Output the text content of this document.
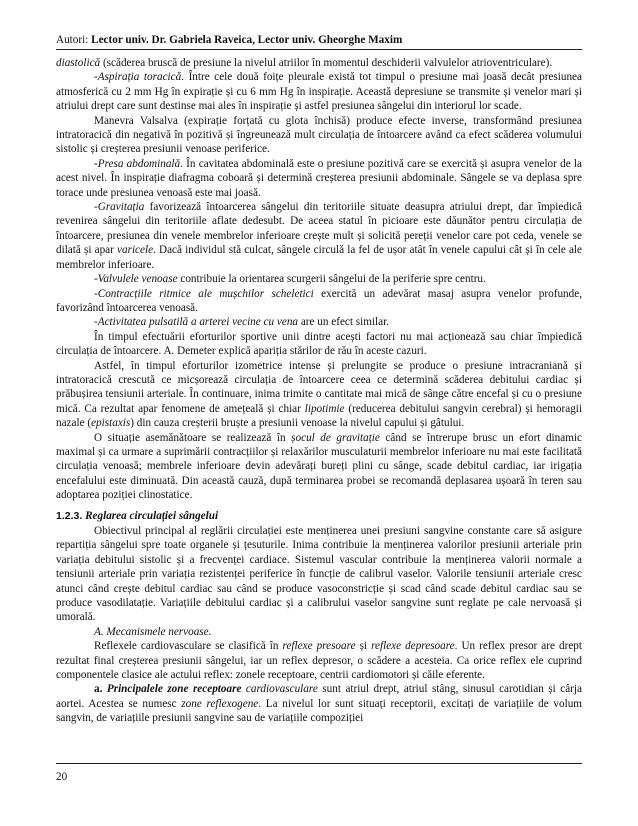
Autori: Lector univ. Dr. Gabriela Raveica, Lector univ. Gheorghe Maxim

diastolică (scăderea bruscă de presiune la nivelul atriilor în momentul deschiderii valvulelor atrioventriculare).

-Aspirația toracică. Între cele două foițe pleurale există tot timpul o presiune mai joasă decât presiunea atmosferică cu 2 mm Hg în expirație și cu 6 mm Hg în inspirație. Această depresiune se transmite și venelor mari și atriului drept care sunt destinse mai ales în inspirație și astfel presiunea sângelui din interiorul lor scade.

Manevra Valsalva (expirație forțată cu glota închisă) produce efecte inverse, transformând presiunea intratoracică din negativă în pozitivă și îngreunează mult circulația de întoarcere având ca efect scăderea volumului sistolic și creșterea presiunii venoase periferice.

-Presa abdominală. În cavitatea abdominală este o presiune pozitivă care se exercită și asupra venelor de la acest nivel. În inspirație diafragma coboară și determină creșterea presiunii abdominale. Sângele se va deplasa spre torace unde presiunea venoasă este mai joasă.

-Gravitația favorizează întoarcerea sângelui din teritoriile situate deasupra atriului drept, dar împiedică revenirea sângelui din teritoriile aflate dedesubt. De aceea statul în picioare este dăunător pentru circulația de întoarcere, presiunea din venele membrelor inferioare crește mult și solicită pereții venelor care pot ceda, venele se dilată și apar varicele. Dacă individul stă culcat, sângele circulă la fel de ușor atât în venele capului cât și în cele ale membrelor inferioare.

-Valvulele venoase contribuie la orientarea scurgerii sângelui de la periferie spre centru.

-Contracțiile ritmice ale mușchilor scheletici exercită un adevărat masaj asupra venelor profunde, favorizând întoarcerea venoasă.

-Activitatea pulsatilă a arterei vecine cu vena are un efect similar.

În timpul efectuării eforturilor sportive unii dintre acești factori nu mai acționează sau chiar împiedică circulația de întoarcere. A. Demeter explică apariția stărilor de rău în aceste cazuri.

Astfel, în timpul eforturilor izometrice intense și prelungite se produce o presiune intracraniană și intratoracică crescută ce micșorează circulația de întoarcere ceea ce determină scăderea debitului cardiac și prăbușirea tensiunii arteriale. În continuare, inima trimite o cantitate mai mică de sânge către encefal și cu o presiune mică. Ca rezultat apar fenomene de amețeală și chiar lipotimie (reducerea debitului sangvin cerebral) și hemoragii nazale (epistaxis) din cauza creșterii bruște a presiunii venoase la nivelul capului și gâtului.

O situație asemănătoare se realizează în șocul de gravitație când se întrerupe brusc un efort dinamic maximal și ca urmare a suprimării contracțiilor și relaxărilor musculaturii membrelor inferioare nu mai este facilitată circulația venoasă; membrele inferioare devin adevărați bureți plini cu sânge, scade debitul cardiac, iar irigația encefalului este diminuată. Din această cauză, după terminarea probei se recomandă deplasarea ușoară în teren sau adoptarea poziției clinostatice.

1.2.3. Reglarea circulației sângelui

Obiectivul principal al reglării circulației este menținerea unei presiuni sangvine constante care să asigure repartiția sângelui spre toate organele și țesuturile. Inima contribuie la menținerea valorilor presiunii arteriale prin variația debitului sistolic și a frecvenței cardiace. Sistemul vascular contribuie la menținerea valorii normale a tensiunii arteriale prin variația rezistenței periferice în funcție de calibrul vaselor. Valorile tensiunii arteriale cresc atunci când crește debitul cardiac sau când se produce vasoconstricție și scad când scade debitul cardiac sau se produce vasodilatație. Variațiile debitului cardiac și a calibrului vaselor sangvine sunt reglate pe cale nervoasă și umorală.

A. Mecanismele nervoase.

Reflexele cardiovasculare se clasifică în reflexe presoare și reflexe depresoare. Un reflex presor are drept rezultat final creșterea presiunii sângelui, iar un reflex depresor, o scădere a acesteia. Ca orice reflex ele cuprind componentele clasice ale actului reflex: zonele receptoare, centrii cardiomotori și căile eferente.

a. Principalele zone receptoare cardiovasculare sunt atriul drept, atriul stâng, sinusul carotidian și cârja aortei. Acestea se numesc zone reflexogene. La nivelul lor sunt situați receptorii, excitați de variațiile de volum sangvin, de variațiile presiunii sangvine sau de variațiile compoziției

20
